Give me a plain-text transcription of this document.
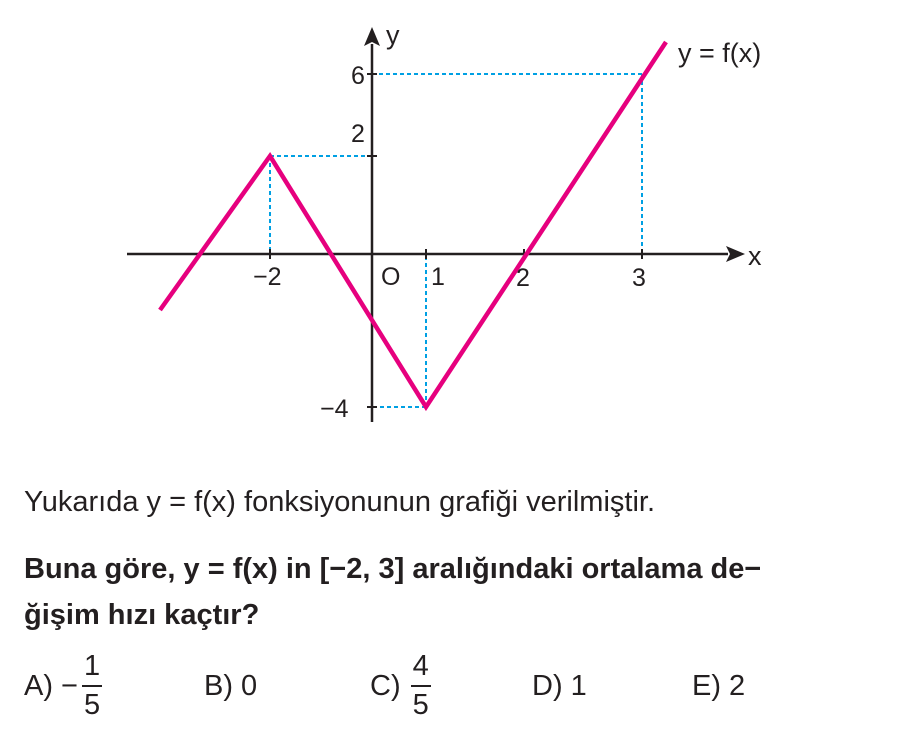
y = f(x)
x
y
O
−2	1	2	3
6
2
−4

Yukarıda y = f(x) fonksiyonunun grafiği verilmiştir.

Buna göre, y = f(x) in [−2, 3] aralığındaki ortalama de−
ğişim hızı kaçtır?

$A) - \frac{1}{5}$	B) 0	$C) \frac{4}{5}$	D) 1	E) 2
